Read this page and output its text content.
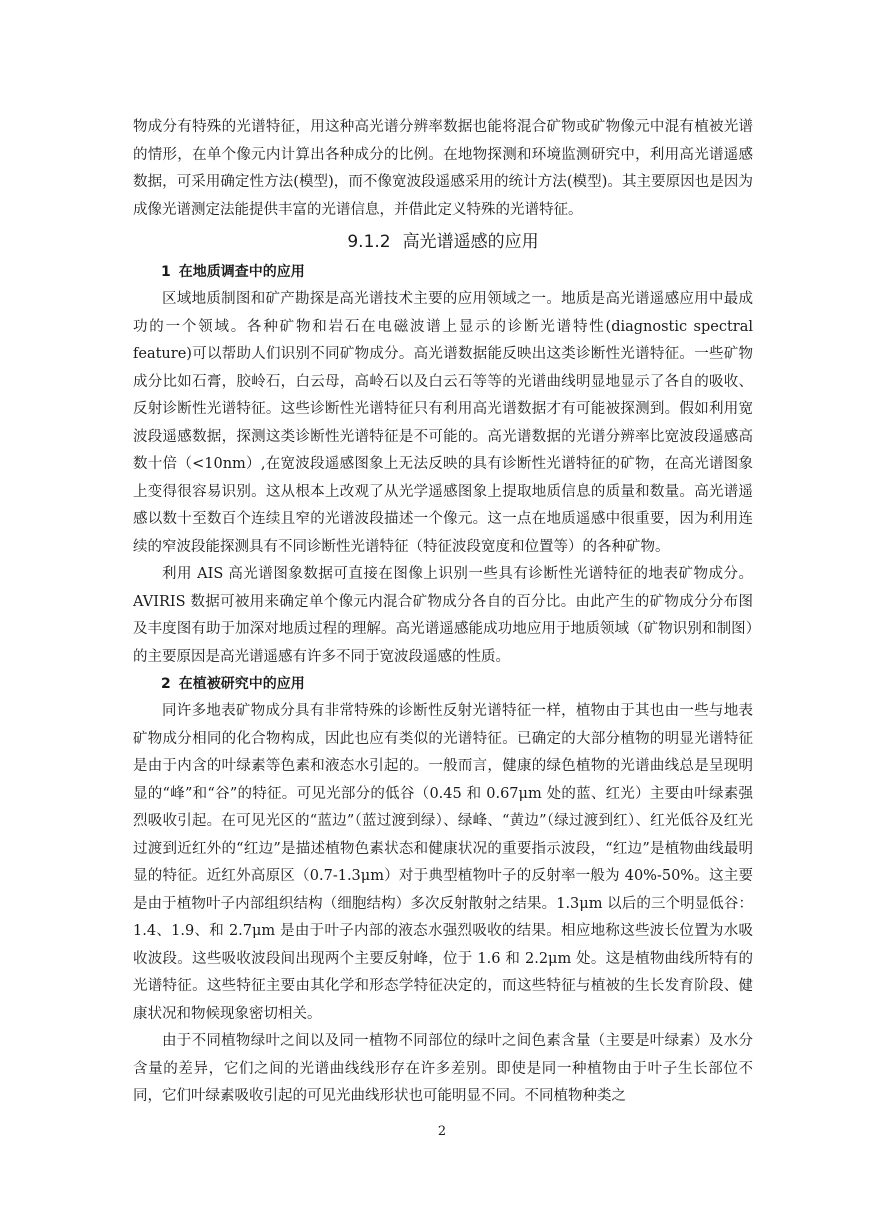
物成分有特殊的光谱特征，用这种高光谱分辨率数据也能将混合矿物或矿物像元中混有植被光谱的情形，在单个像元内计算出各种成分的比例。在地物探测和环境监测研究中，利用高光谱遥感数据，可采用确定性方法(模型)，而不像宽波段遥感采用的统计方法(模型)。其主要原因也是因为成像光谱测定法能提供丰富的光谱信息，并借此定义特殊的光谱特征。

9.1.2 高光谱遥感的应用
1 在地质调查中的应用

区域地质制图和矿产勘探是高光谱技术主要的应用领域之一。地质是高光谱遥感应用中最成功的一个领域。各种矿物和岩石在电磁波谱上显示的诊断光谱特性(diagnostic spectral feature)可以帮助人们识别不同矿物成分。高光谱数据能反映出这类诊断性光谱特征。一些矿物成分比如石膏，胶岭石，白云母，高岭石以及白云石等等的光谱曲线明显地显示了各自的吸收、反射诊断性光谱特征。这些诊断性光谱特征只有利用高光谱数据才有可能被探测到。假如利用宽波段遥感数据，探测这类诊断性光谱特征是不可能的。高光谱数据的光谱分辨率比宽波段遥感高数十倍（<10nm）,在宽波段遥感图象上无法反映的具有诊断性光谱特征的矿物，在高光谱图象上变得很容易识别。这从根本上改观了从光学遥感图象上提取地质信息的质量和数量。高光谱遥感以数十至数百个连续且窄的光谱波段描述一个像元。这一点在地质遥感中很重要，因为利用连续的窄波段能探测具有不同诊断性光谱特征（特征波段宽度和位置等）的各种矿物。

利用 AIS 高光谱图象数据可直接在图像上识别一些具有诊断性光谱特征的地表矿物成分。AVIRIS 数据可被用来确定单个像元内混合矿物成分各自的百分比。由此产生的矿物成分分布图及丰度图有助于加深对地质过程的理解。高光谱遥感能成功地应用于地质领域（矿物识别和制图）的主要原因是高光谱遥感有许多不同于宽波段遥感的性质。

2 在植被研究中的应用

同许多地表矿物成分具有非常特殊的诊断性反射光谱特征一样，植物由于其也由一些与地表矿物成分相同的化合物构成，因此也应有类似的光谱特征。已确定的大部分植物的明显光谱特征是由于内含的叶绿素等色素和液态水引起的。一般而言，健康的绿色植物的光谱曲线总是呈现明显的“峰”和“谷”的特征。可见光部分的低谷（0.45 和 0.67μm 处的蓝、红光）主要由叶绿素强烈吸收引起。在可见光区的“蓝边”（蓝过渡到绿）、绿峰、“黄边”（绿过渡到红）、红光低谷及红光过渡到近红外的“红边”是描述植物色素状态和健康状况的重要指示波段，“红边”是植物曲线最明显的特征。近红外高原区（0.7-1.3μm）对于典型植物叶子的反射率一般为 40%-50%。这主要是由于植物叶子内部组织结构（细胞结构）多次反射散射之结果。1.3μm 以后的三个明显低谷：1.4、1.9、和 2.7μm 是由于叶子内部的液态水强烈吸收的结果。相应地称这些波长位置为水吸收波段。这些吸收波段间出现两个主要反射峰，位于 1.6 和 2.2μm 处。这是植物曲线所特有的光谱特征。这些特征主要由其化学和形态学特征决定的，而这些特征与植被的生长发育阶段、健康状况和物候现象密切相关。

由于不同植物绿叶之间以及同一植物不同部位的绿叶之间色素含量（主要是叶绿素）及水分含量的差异，它们之间的光谱曲线线形存在许多差别。即使是同一种植物由于叶子生长部位不同，它们叶绿素吸收引起的可见光曲线形状也可能明显不同。不同植物种类之

2
